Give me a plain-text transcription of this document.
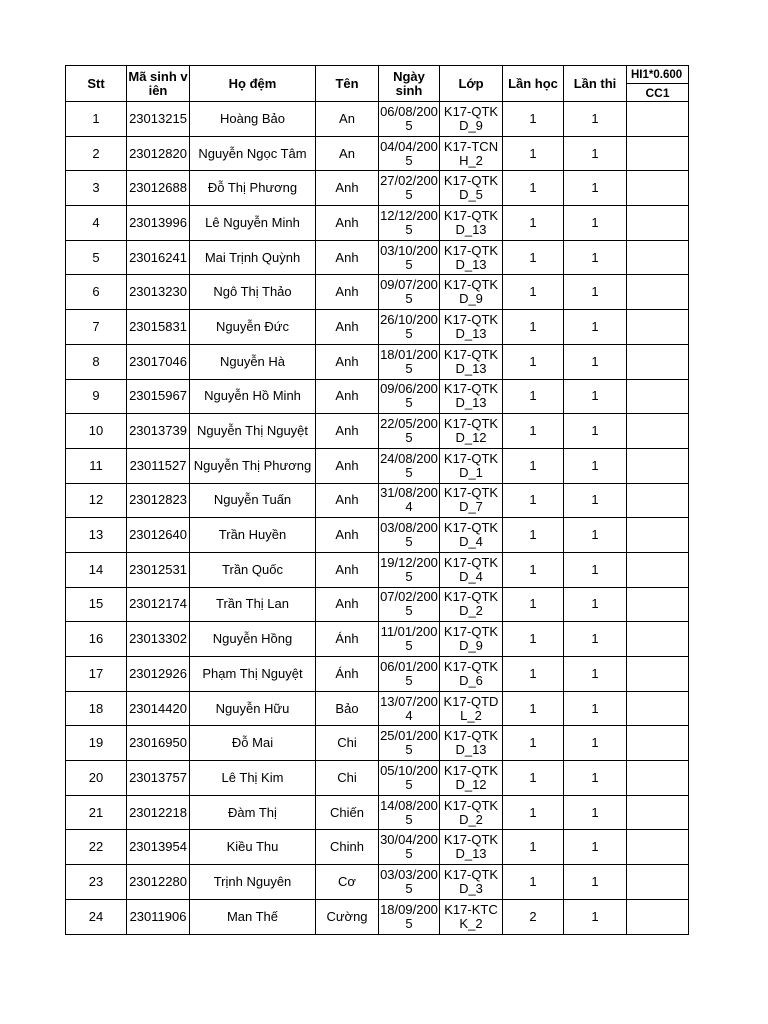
Stt	Mã sinh viên	Họ đệm	Tên	Ngày sinh	Lớp	Lần học	Lần thi	HI1*0.600
								CC1
1	23013215	Hoàng Bảo	An	06/08/2005	K17-QTKD_9	1	1	
2	23012820	Nguyễn Ngọc Tâm	An	04/04/2005	K17-TCNH_2	1	1	
3	23012688	Đỗ Thị Phương	Anh	27/02/2005	K17-QTKD_5	1	1	
4	23013996	Lê Nguyễn Minh	Anh	12/12/2005	K17-QTKD_13	1	1	
5	23016241	Mai Trịnh Quỳnh	Anh	03/10/2005	K17-QTKD_13	1	1	
6	23013230	Ngô Thị Thảo	Anh	09/07/2005	K17-QTKD_9	1	1	
7	23015831	Nguyễn Đức	Anh	26/10/2005	K17-QTKD_13	1	1	
8	23017046	Nguyễn Hà	Anh	18/01/2005	K17-QTKD_13	1	1	
9	23015967	Nguyễn Hồ Minh	Anh	09/06/2005	K17-QTKD_13	1	1	
10	23013739	Nguyễn Thị Nguyệt	Anh	22/05/2005	K17-QTKD_12	1	1	
11	23011527	Nguyễn Thị Phương	Anh	24/08/2005	K17-QTKD_1	1	1	
12	23012823	Nguyễn Tuấn	Anh	31/08/2004	K17-QTKD_7	1	1	
13	23012640	Trần Huyền	Anh	03/08/2005	K17-QTKD_4	1	1	
14	23012531	Trần Quốc	Anh	19/12/2005	K17-QTKD_4	1	1	
15	23012174	Trần Thị Lan	Anh	07/02/2005	K17-QTKD_2	1	1	
16	23013302	Nguyễn Hồng	Ánh	11/01/2005	K17-QTKD_9	1	1	
17	23012926	Phạm Thị Nguyệt	Ánh	06/01/2005	K17-QTKD_6	1	1	
18	23014420	Nguyễn Hữu	Bảo	13/07/2004	K17-QTDL_2	1	1	
19	23016950	Đỗ Mai	Chi	25/01/2005	K17-QTKD_13	1	1	
20	23013757	Lê Thị Kim	Chi	05/10/2005	K17-QTKD_12	1	1	
21	23012218	Đàm Thị	Chiến	14/08/2005	K17-QTKD_2	1	1	
22	23013954	Kiều Thu	Chinh	30/04/2005	K17-QTKD_13	1	1	
23	23012280	Trịnh Nguyên	Cơ	03/03/2005	K17-QTKD_3	1	1	
24	23011906	Man Thế	Cường	18/09/2005	K17-KTCK_2	2	1	
